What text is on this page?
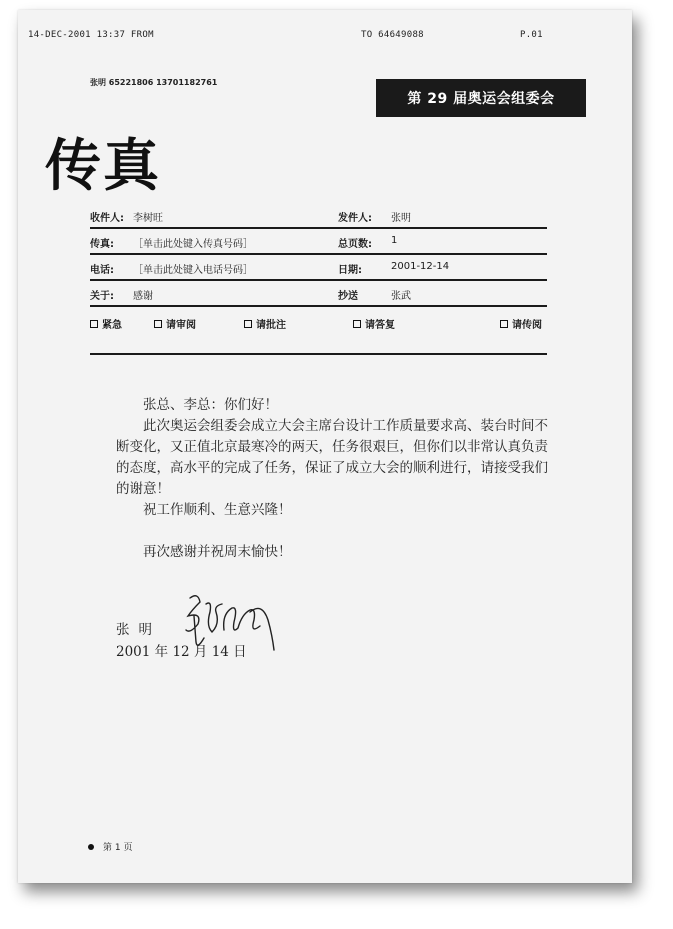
14-DEC-2001 13:37 FROM	TO 64649088	P.01
张明 65221806 13701182761
第 29 届奥运会组委会
传真
收件人: 李树旺	发件人: 张明
传真: ［单击此处键入传真号码］	总页数: 1
电话: ［单击此处键入电话号码］	日期:	2001-12-14
关于: 感谢	抄送	张武
紧急	请审阅	请批注	请答复	请传阅

张总、李总：你们好！

此次奥运会组委会成立大会主席台设计工作质量要求高、装台时间不断变化，又正值北京最寒冷的两天，任务很艰巨，但你们以非常认真负责的态度，高水平的完成了任务，保证了成立大会的顺利进行，请接受我们的谢意！

祝工作顺利、生意兴隆！

再次感谢并祝周末愉快！

张明
2001 年 12 月 14 日
第 1 页
